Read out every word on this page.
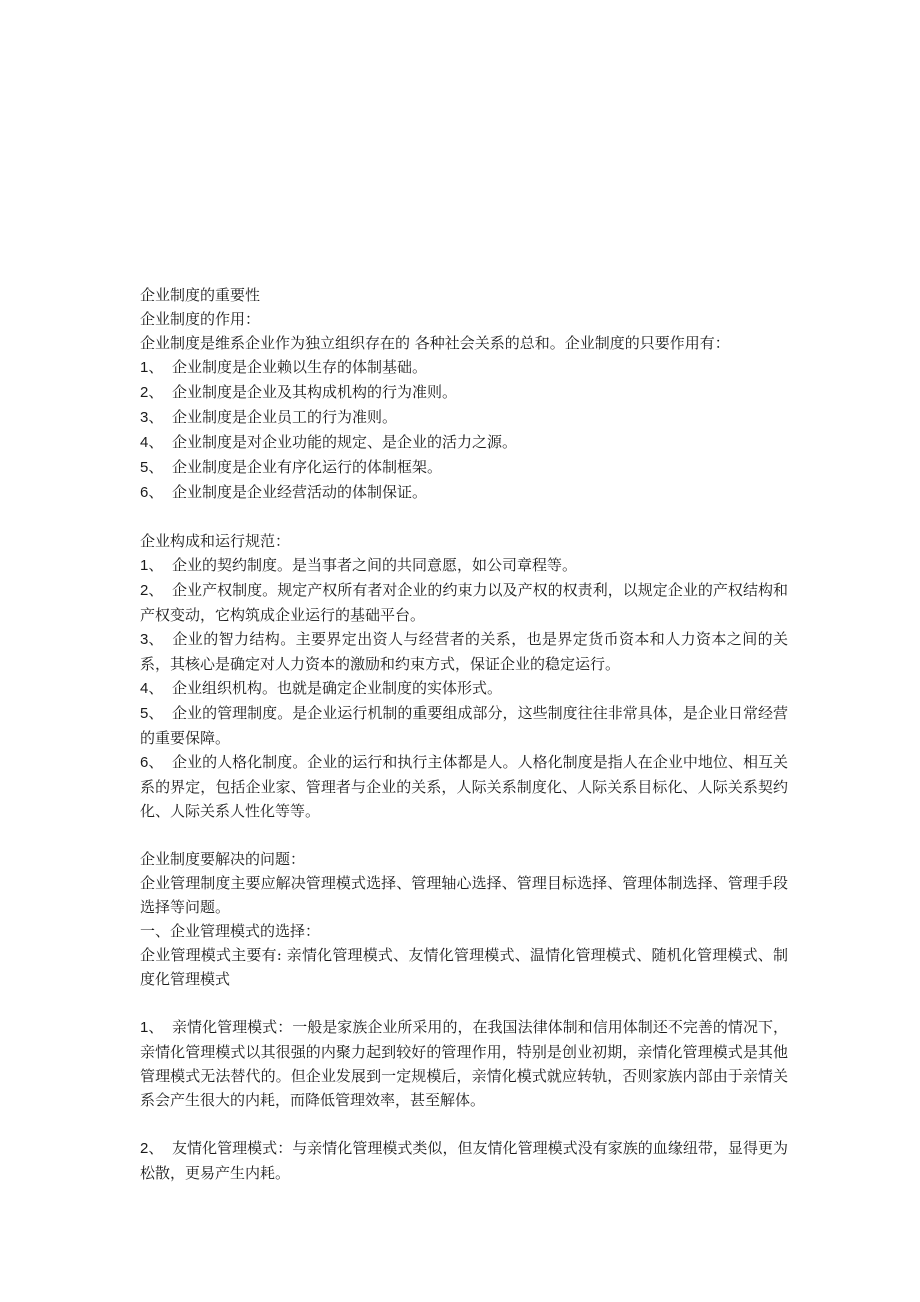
企业制度的重要性

企业制度的作用：

企业制度是维系企业作为独立组织存在的 各种社会关系的总和。企业制度的只要作用有：

1、 企业制度是企业赖以生存的体制基础。
2、 企业制度是企业及其构成机构的行为准则。
3、 企业制度是企业员工的行为准则。
4、 企业制度是对企业功能的规定、是企业的活力之源。
5、 企业制度是企业有序化运行的体制框架。
6、 企业制度是企业经营活动的体制保证。

企业构成和运行规范：

1、 企业的契约制度。是当事者之间的共同意愿，如公司章程等。
2、 企业产权制度。规定产权所有者对企业的约束力以及产权的权责利，以规定企业的产权结构和产权变动，它构筑成企业运行的基础平台。
3、 企业的智力结构。主要界定出资人与经营者的关系，也是界定货币资本和人力资本之间的关系，其核心是确定对人力资本的激励和约束方式，保证企业的稳定运行。
4、 企业组织机构。也就是确定企业制度的实体形式。
5、 企业的管理制度。是企业运行机制的重要组成部分，这些制度往往非常具体，是企业日常经营的重要保障。
6、 企业的人格化制度。企业的运行和执行主体都是人。人格化制度是指人在企业中地位、相互关系的界定，包括企业家、管理者与企业的关系，人际关系制度化、人际关系目标化、人际关系契约化、人际关系人性化等等。

企业制度要解决的问题：

企业管理制度主要应解决管理模式选择、管理轴心选择、管理目标选择、管理体制选择、管理手段选择等问题。

一、企业管理模式的选择：

企业管理模式主要有: 亲情化管理模式、友情化管理模式、温情化管理模式、随机化管理模式、制度化管理模式

1、 亲情化管理模式：一般是家族企业所采用的，在我国法律体制和信用体制还不完善的情况下，亲情化管理模式以其很强的内聚力起到较好的管理作用，特别是创业初期，亲情化管理模式是其他管理模式无法替代的。但企业发展到一定规模后，亲情化模式就应转轨，否则家族内部由于亲情关系会产生很大的内耗，而降低管理效率，甚至解体。
2、 友情化管理模式：与亲情化管理模式类似，但友情化管理模式没有家族的血缘纽带，显得更为松散，更易产生内耗。
